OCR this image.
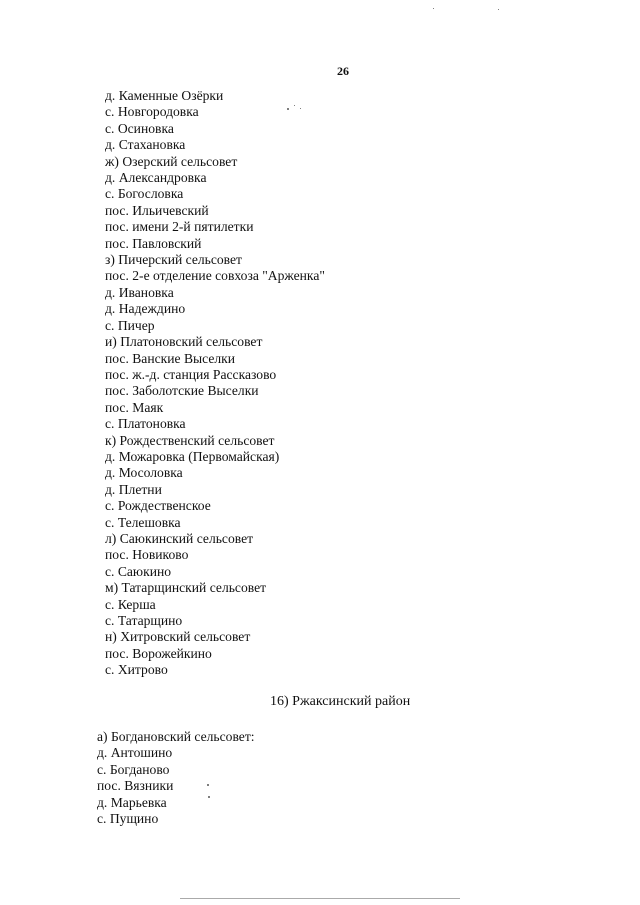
26
д. Каменные Озёрки
с. Новгородовка
с. Осиновка
д. Стахановка
ж) Озерский сельсовет
д. Александровка
с. Богословка
пос. Ильичевский
пос. имени 2-й пятилетки
пос. Павловский
з) Пичерский сельсовет
пос. 2-е отделение совхоза "Арженка"
д. Ивановка
д. Надеждино
с. Пичер
и) Платоновский сельсовет
пос. Ванские Выселки
пос. ж.-д. станция Рассказово
пос. Заболотские Выселки
пос. Маяк
с. Платоновка
к) Рождественский сельсовет
д. Можаровка (Первомайская)
д. Мосоловка
д. Плетни
с. Рождественское
с. Телешовка
л) Саюкинский сельсовет
пос. Новиково
с. Саюкино
м) Татарщинский сельсовет
с. Керша
с. Татарщино
н) Хитровский сельсовет
пос. Ворожейкино
с. Хитрово
16) Ржаксинский район
а) Богдановский сельсовет:
д. Антошино
с. Богданово
пос. Вязники
д. Марьевка
с. Пущино
